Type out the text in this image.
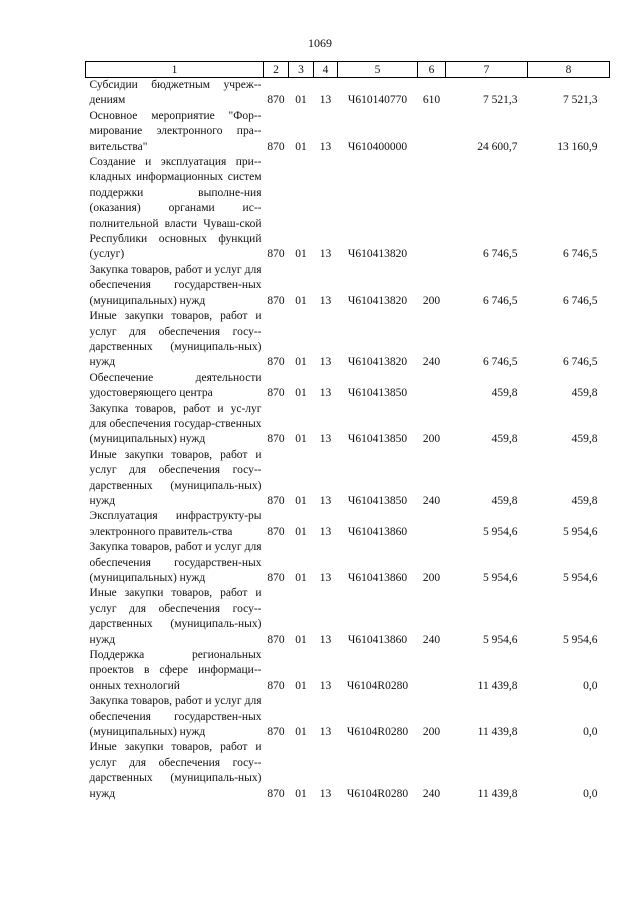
1069
1	2	3	4	5	6	7	8
Субсидии бюджетным учреж-дениям	870	01	13	Ч610140770	610	7 521,3	7 521,3
Основное мероприятие "Фор-мирование электронного пра-вительства"	870	01	13	Ч610400000		24 600,7	13 160,9
Создание и эксплуатация при-кладных информационных систем поддержки выполне-ния (оказания) органами ис-полнительной власти Чуваш-ской Республики основных функций (услуг)	870	01	13	Ч610413820		6 746,5	6 746,5
Закупка товаров, работ и услуг для обеспечения государствен-ных (муниципальных) нужд	870	01	13	Ч610413820	200	6 746,5	6 746,5
Иные закупки товаров, работ и услуг для обеспечения госу-дарственных (муниципаль-ных) нужд	870	01	13	Ч610413820	240	6 746,5	6 746,5
Обеспечение деятельности удостоверяющего центра	870	01	13	Ч610413850		459,8	459,8
Закупка товаров, работ и ус-луг для обеспечения государ-ственных (муниципальных) нужд	870	01	13	Ч610413850	200	459,8	459,8
Иные закупки товаров, работ и услуг для обеспечения госу-дарственных (муниципаль-ных) нужд	870	01	13	Ч610413850	240	459,8	459,8
Эксплуатация инфраструкту-ры электронного правитель-ства	870	01	13	Ч610413860		5 954,6	5 954,6
Закупка товаров, работ и услуг для обеспечения государствен-ных (муниципальных) нужд	870	01	13	Ч610413860	200	5 954,6	5 954,6
Иные закупки товаров, работ и услуг для обеспечения госу-дарственных (муниципаль-ных) нужд	870	01	13	Ч610413860	240	5 954,6	5 954,6
Поддержка региональных проектов в сфере информаци-онных технологий	870	01	13	Ч6104R0280		11 439,8	0,0
Закупка товаров, работ и услуг для обеспечения государствен-ных (муниципальных) нужд	870	01	13	Ч6104R0280	200	11 439,8	0,0
Иные закупки товаров, работ и услуг для обеспечения госу-дарственных (муниципаль-ных) нужд	870	01	13	Ч6104R0280	240	11 439,8	0,0
